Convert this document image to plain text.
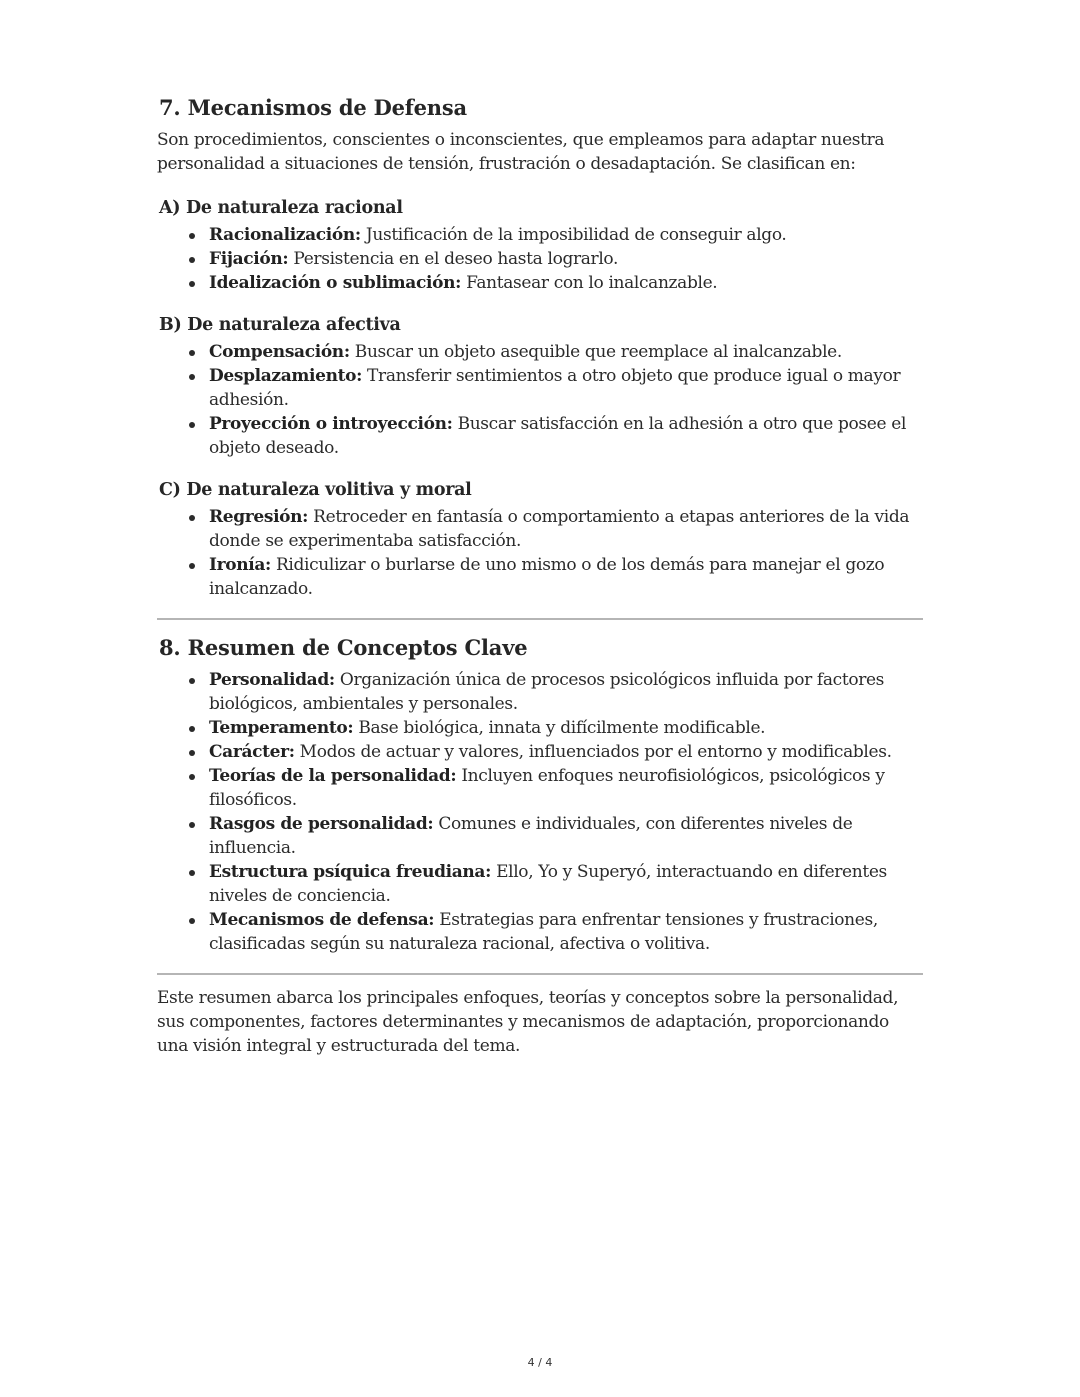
7. Mecanismos de Defensa

Son procedimientos, conscientes o inconscientes, que empleamos para adaptar nuestra personalidad a situaciones de tensión, frustración o desadaptación. Se clasifican en:

A) De naturaleza racional
Racionalización: Justificación de la imposibilidad de conseguir algo.
Fijación: Persistencia en el deseo hasta lograrlo.
Idealización o sublimación: Fantasear con lo inalcanzable.
B) De naturaleza afectiva
Compensación: Buscar un objeto asequible que reemplace al inalcanzable.
Desplazamiento: Transferir sentimientos a otro objeto que produce igual o mayor adhesión.
Proyección o introyección: Buscar satisfacción en la adhesión a otro que posee el objeto deseado.
C) De naturaleza volitiva y moral
Regresión: Retroceder en fantasía o comportamiento a etapas anteriores de la vida donde se experimentaba satisfacción.
Ironía: Ridiculizar o burlarse de uno mismo o de los demás para manejar el gozo inalcanzado.
8. Resumen de Conceptos Clave
Personalidad: Organización única de procesos psicológicos influida por factores biológicos, ambientales y personales.
Temperamento: Base biológica, innata y difícilmente modificable.
Carácter: Modos de actuar y valores, influenciados por el entorno y modificables.
Teorías de la personalidad: Incluyen enfoques neurofisiológicos, psicológicos y filosóficos.
Rasgos de personalidad: Comunes e individuales, con diferentes niveles de influencia.
Estructura psíquica freudiana: Ello, Yo y Superyó, interactuando en diferentes niveles de conciencia.
Mecanismos de defensa: Estrategias para enfrentar tensiones y frustraciones, clasificadas según su naturaleza racional, afectiva o volitiva.

Este resumen abarca los principales enfoques, teorías y conceptos sobre la personalidad, sus componentes, factores determinantes y mecanismos de adaptación, proporcionando una visión integral y estructurada del tema.

4 / 4
